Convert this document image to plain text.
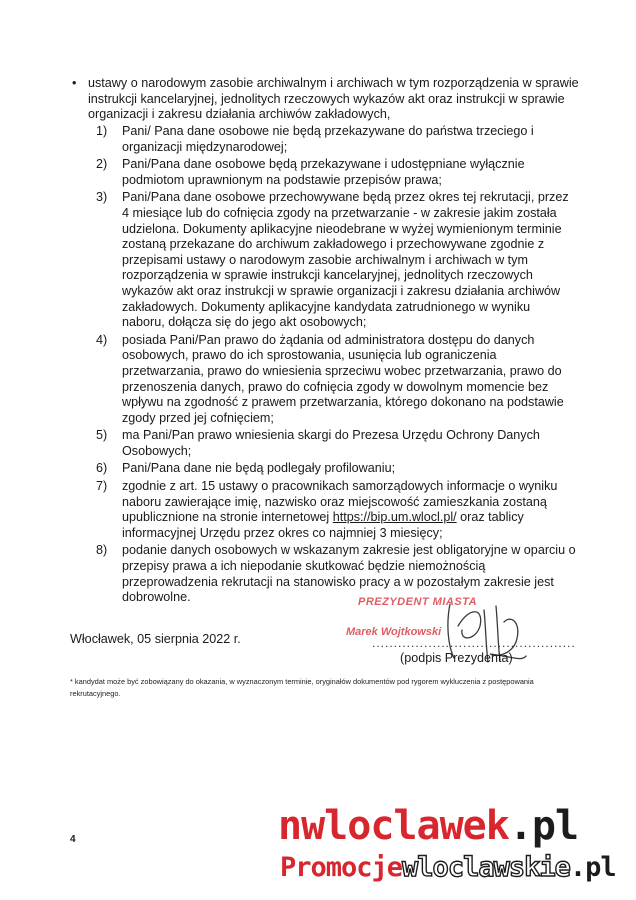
• ustawy o narodowym zasobie archiwalnym i archiwach w tym rozporządzenia w sprawie instrukcji kancelaryjnej, jednolitych rzeczowych wykazów akt oraz instrukcji w sprawie organizacji i zakresu działania archiwów zakładowych,

1) Pani/ Pana dane osobowe nie będą przekazywane do państwa trzeciego i organizacji międzynarodowej;
2) Pani/Pana dane osobowe będą przekazywane i udostępniane wyłącznie podmiotom uprawnionym na podstawie przepisów prawa;
3) Pani/Pana dane osobowe przechowywane będą przez okres tej rekrutacji, przez 4 miesiące lub do cofnięcia zgody na przetwarzanie - w zakresie jakim została udzielona. Dokumenty aplikacyjne nieodebrane w wyżej wymienionym terminie zostaną przekazane do archiwum zakładowego i przechowywane zgodnie z przepisami ustawy o narodowym zasobie archiwalnym i archiwach w tym rozporządzenia w sprawie instrukcji kancelaryjnej, jednolitych rzeczowych wykazów akt oraz instrukcji w sprawie organizacji i zakresu działania archiwów zakładowych. Dokumenty aplikacyjne kandydata zatrudnionego w wyniku naboru, dołącza się do jego akt osobowych;
4) posiada Pani/Pan prawo do żądania od administratora dostępu do danych osobowych, prawo do ich sprostowania, usunięcia lub ograniczenia przetwarzania, prawo do wniesienia sprzeciwu wobec przetwarzania, prawo do przenoszenia danych, prawo do cofnięcia zgody w dowolnym momencie bez wpływu na zgodność z prawem przetwarzania, którego dokonano na podstawie zgody przed jej cofnięciem;
5) ma Pani/Pan prawo wniesienia skargi do Prezesa Urzędu Ochrony Danych Osobowych;
6) Pani/Pana dane nie będą podlegały profilowaniu;
7) zgodnie z art. 15 ustawy o pracownikach samorządowych informacje o wyniku naboru zawierające imię, nazwisko oraz miejscowość zamieszkania zostaną upublicznione na stronie internetowej https://bip.um.wlocl.pl/ oraz tablicy informacyjnej Urzędu przez okres co najmniej 3 miesięcy;
8) podanie danych osobowych w wskazanym zakresie jest obligatoryjne w oparciu o przepisy prawa a ich niepodanie skutkować będzie niemożnością przeprowadzenia rekrutacji na stanowisko pracy a w pozostałym zakresie jest dobrowolne.	PREZYDENT MIASTA
Marek Wojtkowski
Włocławek, 05 sierpnia 2022 r.	...............................................
(podpis Prezydenta)
* kandydat może być zobowiązany do okazania, w wyznaczonym terminie, oryginałów dokumentów pod rygorem wykluczenia z postępowania rekrutacyjnego.
4	nwloclawek.pl
Promocjewloclawskie.pl
